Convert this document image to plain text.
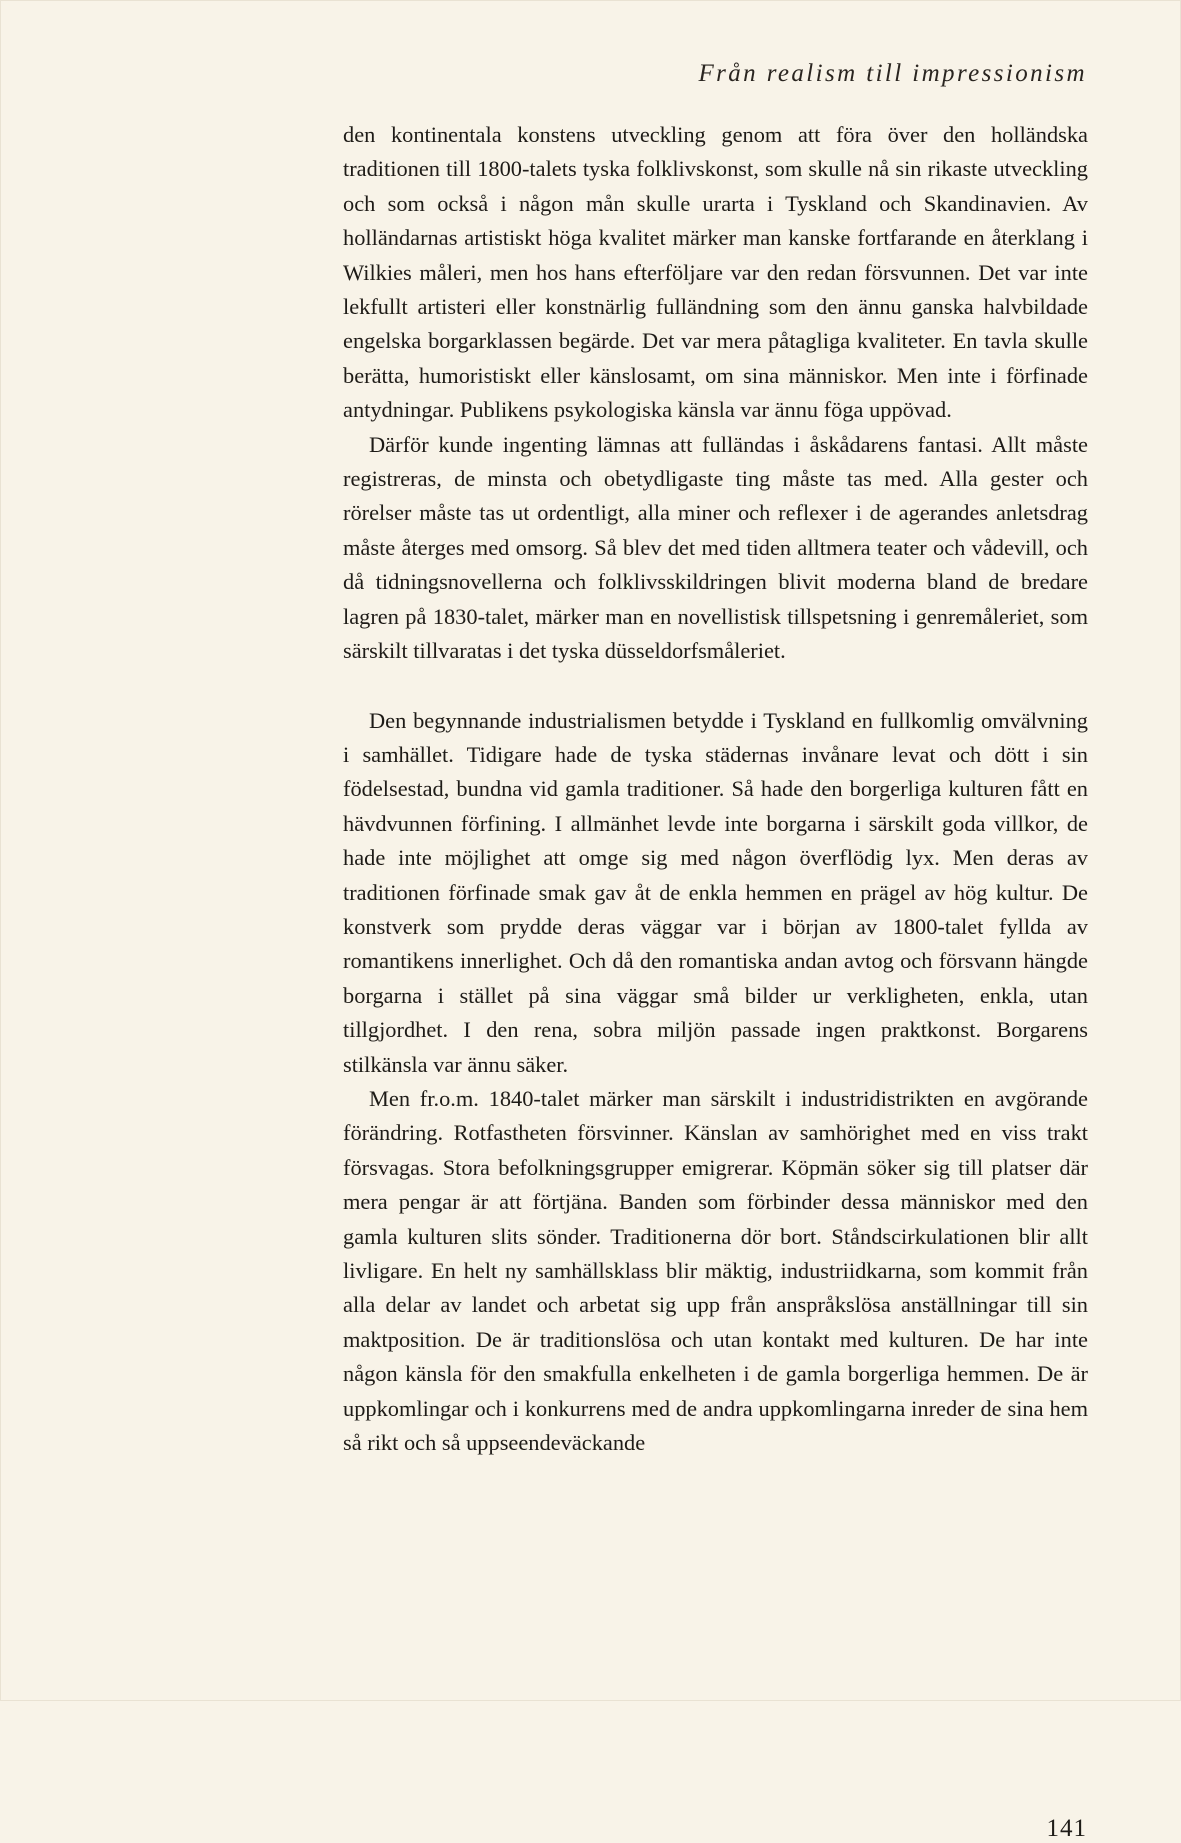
Från realism till impressionism

den kontinentala konstens utveckling genom att föra över den holländska traditionen till 1800-talets tyska folklivskonst, som skulle nå sin rikaste utveckling och som också i någon mån skulle urarta i Tyskland och Skandinavien. Av holländarnas artistiskt höga kvalitet märker man kanske fortfarande en återklang i Wilkies måleri, men hos hans efterföljare var den redan försvunnen. Det var inte lekfullt artisteri eller konstnärlig fulländning som den ännu ganska halvbildade engelska borgarklassen begärde. Det var mera påtagliga kvaliteter. En tavla skulle berätta, humoristiskt eller känslosamt, om sina människor. Men inte i förfinade antydningar. Publikens psykologiska känsla var ännu föga uppövad.

Därför kunde ingenting lämnas att fulländas i åskådarens fantasi. Allt måste registreras, de minsta och obetydligaste ting måste tas med. Alla gester och rörelser måste tas ut ordentligt, alla miner och reflexer i de agerandes anletsdrag måste återges med omsorg. Så blev det med tiden alltmera teater och vådevill, och då tidningsnovellerna och folklivsskildringen blivit moderna bland de bredare lagren på 1830-talet, märker man en novellistisk tillspetsning i genremåleriet, som särskilt tillvaratas i det tyska düsseldorfsmåleriet.

Den begynnande industrialismen betydde i Tyskland en fullkomlig omvälvning i samhället. Tidigare hade de tyska städernas invånare levat och dött i sin födelsestad, bundna vid gamla traditioner. Så hade den borgerliga kulturen fått en hävdvunnen förfining. I allmänhet levde inte borgarna i särskilt goda villkor, de hade inte möjlighet att omge sig med någon överflödig lyx. Men deras av traditionen förfinade smak gav åt de enkla hemmen en prägel av hög kultur. De konstverk som prydde deras väggar var i början av 1800-talet fyllda av romantikens innerlighet. Och då den romantiska andan avtog och försvann hängde borgarna i stället på sina väggar små bilder ur verkligheten, enkla, utan tillgjordhet. I den rena, sobra miljön passade ingen praktkonst. Borgarens stilkänsla var ännu säker.

Men fr.o.m. 1840-talet märker man särskilt i industridistrikten en avgörande förändring. Rotfastheten försvinner. Känslan av samhörighet med en viss trakt försvagas. Stora befolkningsgrupper emigrerar. Köpmän söker sig till platser där mera pengar är att förtjäna. Banden som förbinder dessa människor med den gamla kulturen slits sönder. Traditionerna dör bort. Ståndscirkulationen blir allt livligare. En helt ny samhällsklass blir mäktig, industriidkarna, som kommit från alla delar av landet och arbetat sig upp från anspråkslösa anställningar till sin maktposition. De är traditionslösa och utan kontakt med kulturen. De har inte någon känsla för den smakfulla enkelheten i de gamla borgerliga hemmen. De är uppkomlingar och i konkurrens med de andra uppkomlingarna inreder de sina hem så rikt och så uppseendeväckande

141
